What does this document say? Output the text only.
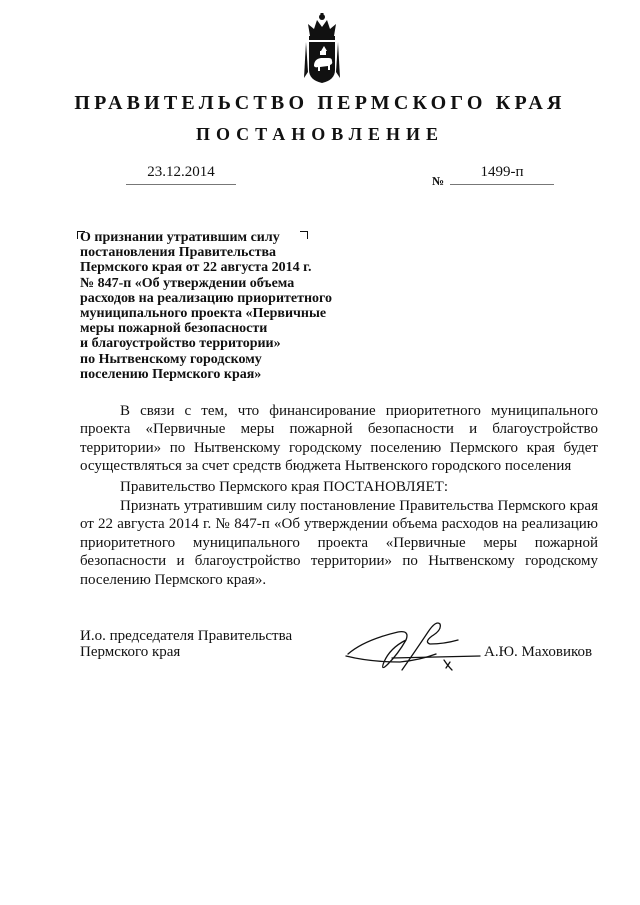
ПРАВИТЕЛЬСТВО ПЕРМСКОГО КРАЯ
ПОСТАНОВЛЕНИЕ
23.12.2014
№
1499-п
О признании утратившим силу
постановления Правительства
Пермского края от 22 августа 2014 г.
№ 847-п «Об утверждении объема
расходов на реализацию приоритетного
муниципального проекта «Первичные
меры пожарной безопасности
и благоустройство территории»
по Нытвенскому городскому
поселению Пермского края»
В связи с тем, что финансирование приоритетного муниципального проекта «Первичные меры пожарной безопасности и благоустройство территории» по Нытвенскому городскому поселению Пермского края будет осуществляться за счет средств бюджета Нытвенского городского поселения
Правительство Пермского края ПОСТАНОВЛЯЕТ:
Признать утратившим силу постановление Правительства Пермского края от 22 августа 2014 г. № 847-п «Об утверждении объема расходов на реализацию приоритетного муниципального проекта «Первичные меры пожарной безопасности и благоустройство территории» по Нытвенскому городскому поселению Пермского края».
И.о. председателя Правительства
Пермского края	А.Ю. Маховиков
